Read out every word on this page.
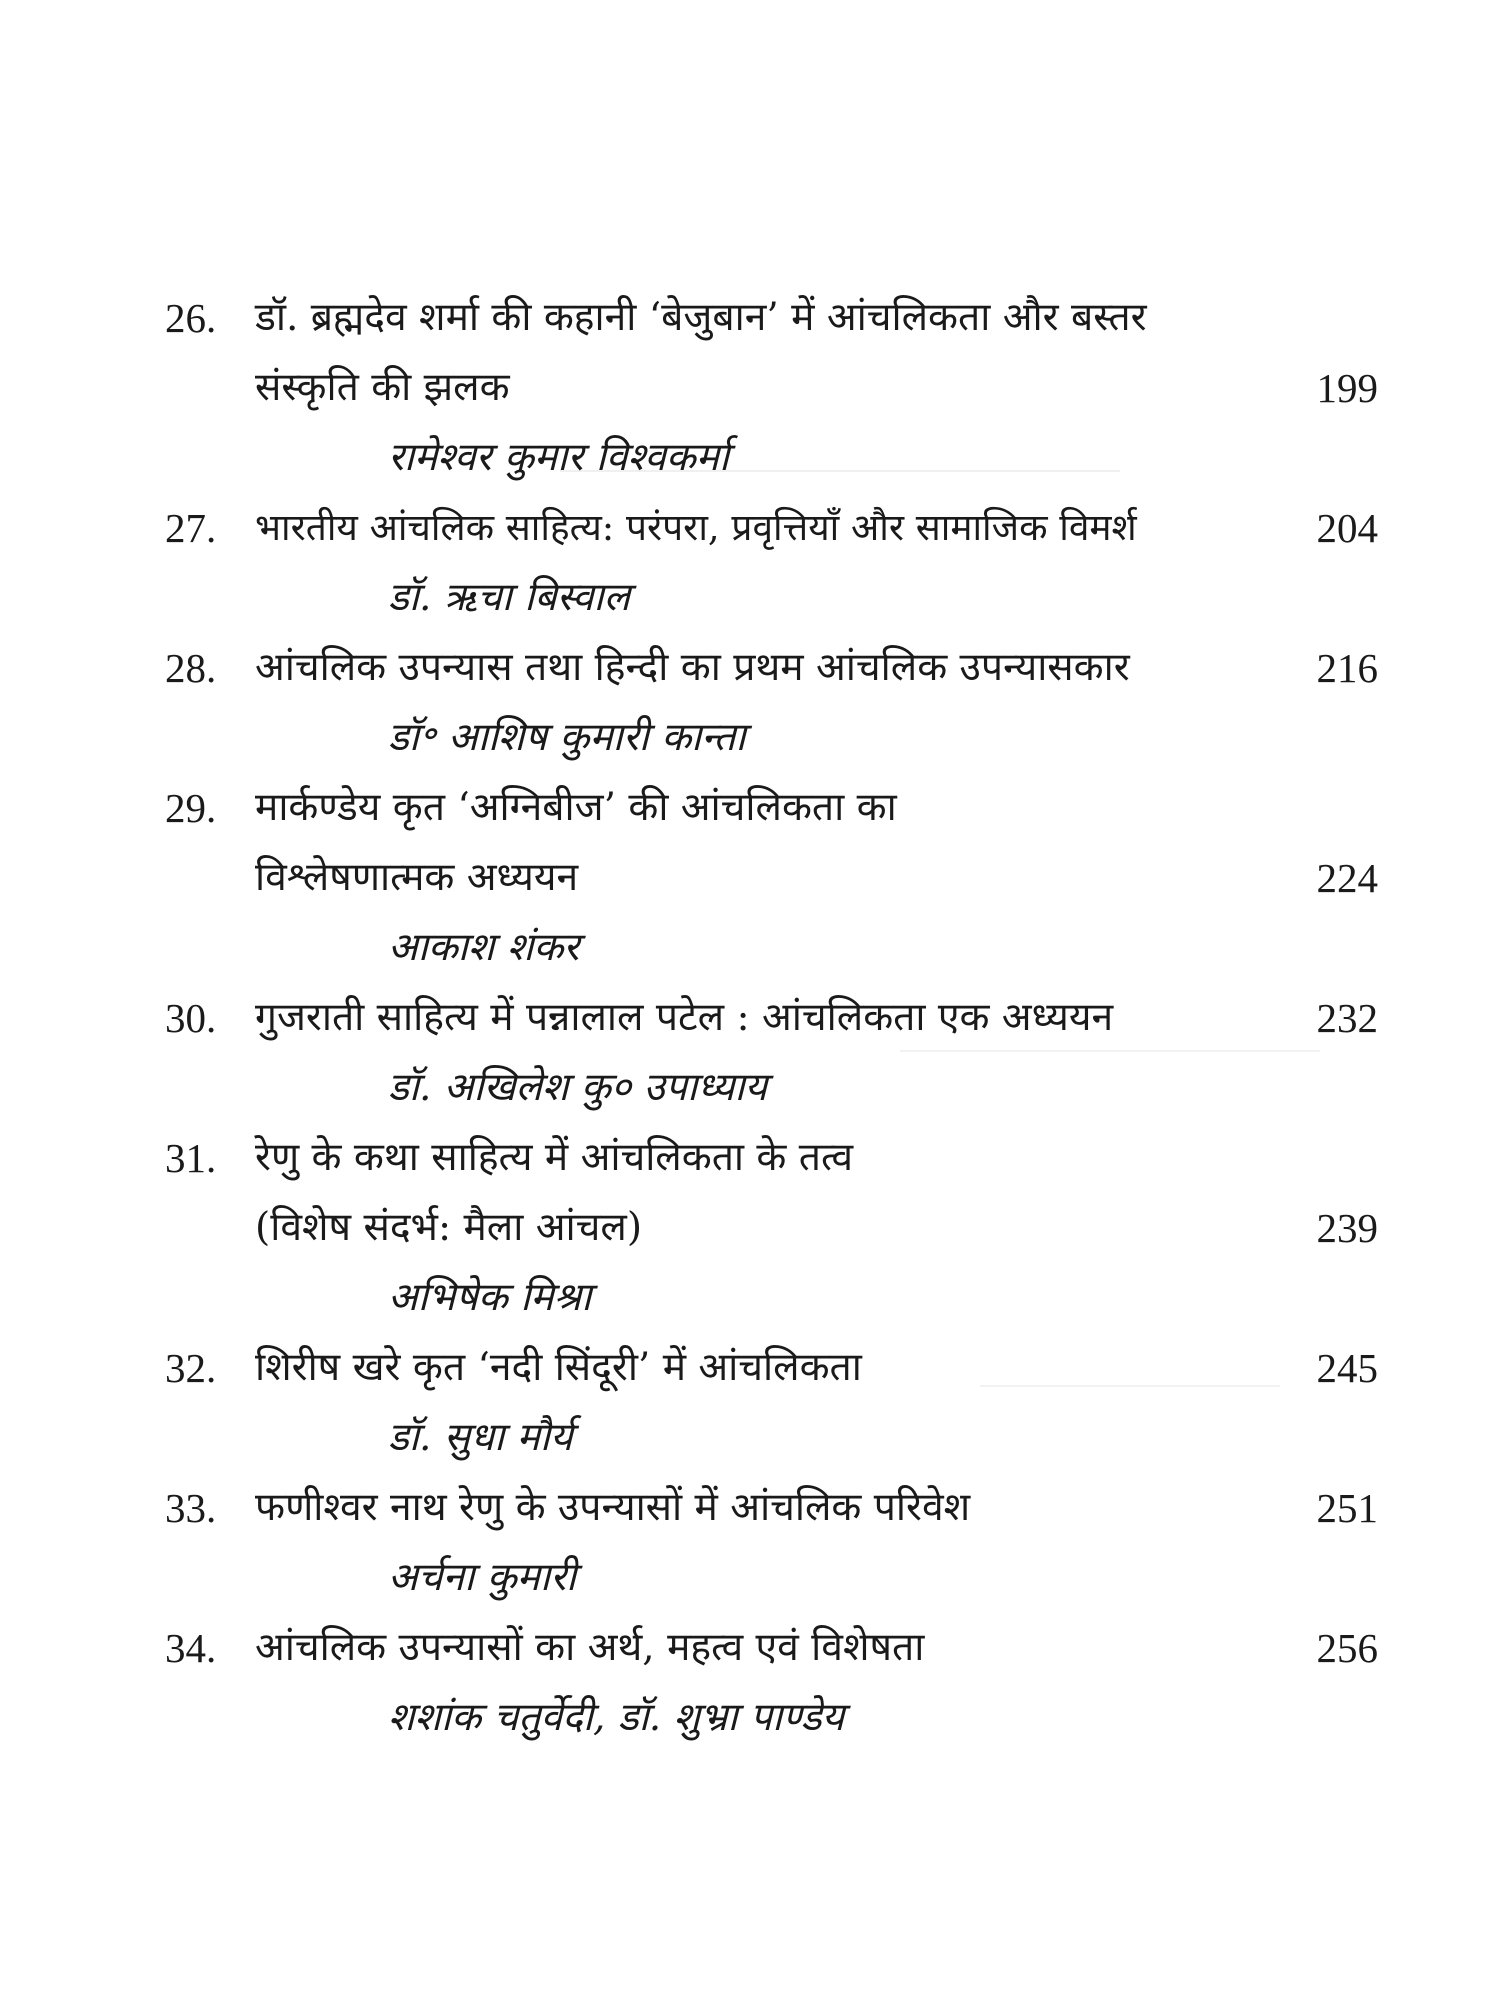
26. डॉ. ब्रह्मदेव शर्मा की कहानी ‘बेजुबान’ में आंचलिकता और बस्तर
संस्कृति की झलक	199
रामेश्वर कुमार विश्वकर्मा
27.	भारतीय आंचलिक साहित्य: परंपरा, प्रवृत्तियाँ और सामाजिक विमर्श	204
डॉ. ऋचा बिस्वाल
28. आंचलिक उपन्यास तथा हिन्दी का प्रथम आंचलिक उपन्यासकार	216
डॉ॰ आशिष कुमारी कान्ता
29. मार्कण्डेय कृत ‘अग्निबीज’ की आंचलिकता का
विश्लेषणात्मक अध्ययन	224
आकाश शंकर
30. गुजराती साहित्य में पन्नालाल पटेल : आंचलिकता एक अध्ययन	232
डॉ. अखिलेश कु० उपाध्याय
31. रेणु के कथा साहित्य में आंचलिकता के तत्व
(विशेष संदर्भ: मैला आंचल)	239
अभिषेक मिश्रा
32. शिरीष खरे कृत ‘नदी सिंदूरी’ में आंचलिकता	245
डॉ. सुधा मौर्य
33. फणीश्वर नाथ रेणु के उपन्यासों में आंचलिक परिवेश	251
अर्चना कुमारी
34. आंचलिक उपन्यासों का अर्थ, महत्व एवं विशेषता	256
शशांक चतुर्वेदी, डॉ. शुभ्रा पाण्डेय
